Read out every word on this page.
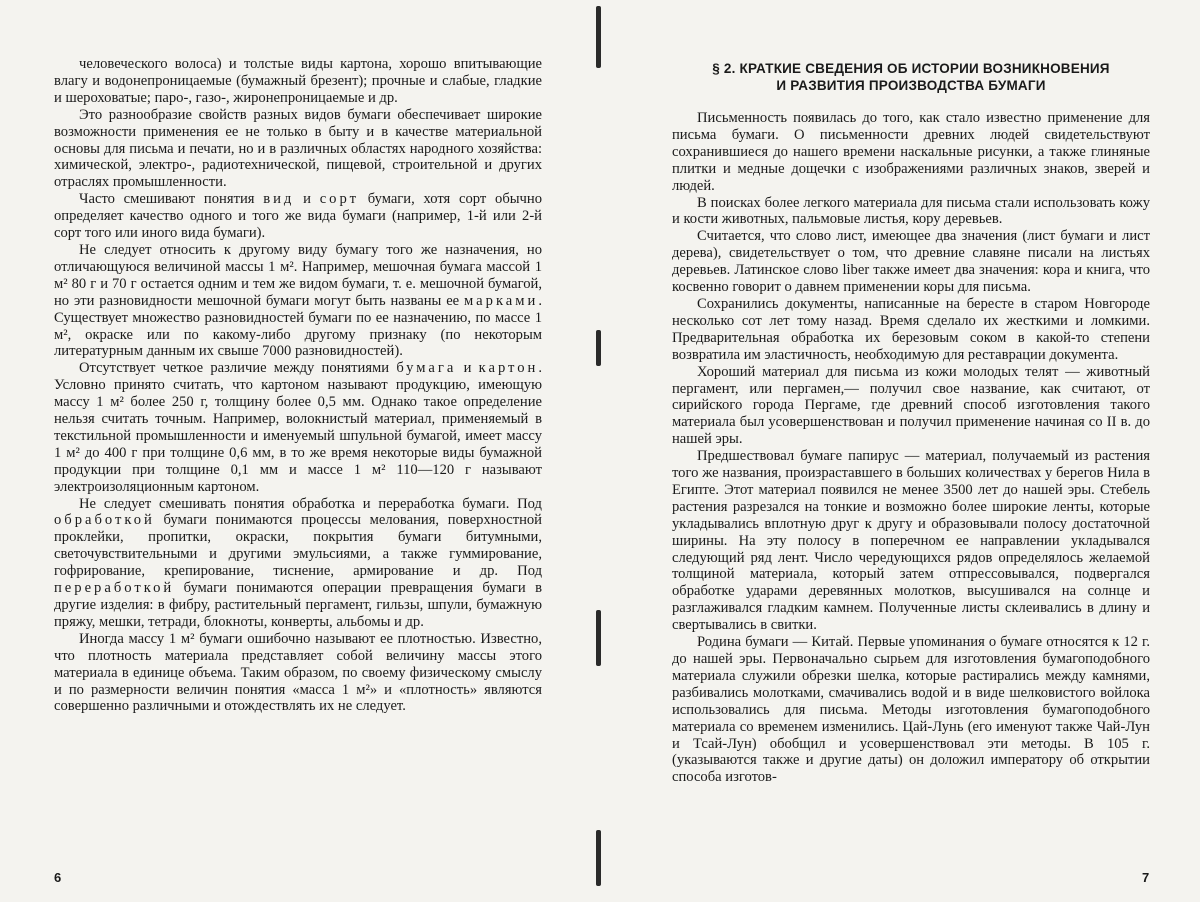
человеческого волоса) и толстые виды картона, хорошо впитывающие влагу и водонепроницаемые (бумажный брезент); прочные и слабые, гладкие и шероховатые; паро-, газо-, жиронепроницаемые и др.

Это разнообразие свойств разных видов бумаги обеспечивает широкие возможности применения ее не только в быту и в качестве материальной основы для письма и печати, но и в различных областях народного хозяйства: химической, электро-, радиотехнической, пищевой, строительной и других отраслях промышленности.

Часто смешивают понятия вид и сорт бумаги, хотя сорт обычно определяет качество одного и того же вида бумаги (например, 1-й или 2-й сорт того или иного вида бумаги).

Не следует относить к другому виду бумагу того же назначения, но отличающуюся величиной массы 1 м². Например, мешочная бумага массой 1 м² 80 г и 70 г остается одним и тем же видом бумаги, т. е. мешочной бумагой, но эти разновидности мешочной бумаги могут быть названы ее марками. Существует множество разновидностей бумаги по ее назначению, по массе 1 м², окраске или по какому-либо другому признаку (по некоторым литературным данным их свыше 7000 разновидностей).

Отсутствует четкое различие между понятиями бумага и картон. Условно принято считать, что картоном называют продукцию, имеющую массу 1 м² более 250 г, толщину более 0,5 мм. Однако такое определение нельзя считать точным. Например, волокнистый материал, применяемый в текстильной промышленности и именуемый шпульной бумагой, имеет массу 1 м² до 400 г при толщине 0,6 мм, в то же время некоторые виды бумажной продукции при толщине 0,1 мм и массе 1 м² 110—120 г называют электроизоляционным картоном.

Не следует смешивать понятия обработка и переработка бумаги. Под обработкой бумаги понимаются процессы мелования, поверхностной проклейки, пропитки, окраски, покрытия бумаги битумными, светочувствительными и другими эмульсиями, а также гуммирование, гофрирование, крепирование, тиснение, армирование и др. Под переработкой бумаги понимаются операции превращения бумаги в другие изделия: в фибру, растительный пергамент, гильзы, шпули, бумажную пряжу, мешки, тетради, блокноты, конверты, альбомы и др.

Иногда массу 1 м² бумаги ошибочно называют ее плотностью. Известно, что плотность материала представляет собой величину массы этого материала в единице объема. Таким образом, по своему физическому смыслу и по размерности величин понятия «масса 1 м²» и «плотность» являются совершенно различными и отождествлять их не следует.

§ 2. КРАТКИЕ СВЕДЕНИЯ ОБ ИСТОРИИ ВОЗНИКНОВЕНИЯ
И РАЗВИТИЯ ПРОИЗВОДСТВА БУМАГИ

Письменность появилась до того, как стало известно применение для письма бумаги. О письменности древних людей свидетельствуют сохранившиеся до нашего времени наскальные рисунки, а также глиняные плитки и медные дощечки с изображениями различных знаков, зверей и людей.

В поисках более легкого материала для письма стали использовать кожу и кости животных, пальмовые листья, кору деревьев.

Считается, что слово лист, имеющее два значения (лист бумаги и лист дерева), свидетельствует о том, что древние славяне писали на листьях деревьев. Латинское слово liber также имеет два значения: кора и книга, что косвенно говорит о давнем применении коры для письма.

Сохранились документы, написанные на бересте в старом Новгороде несколько сот лет тому назад. Время сделало их жесткими и ломкими. Предварительная обработка их березовым соком в какой-то степени возвратила им эластичность, необходимую для реставрации документа.

Хороший материал для письма из кожи молодых телят — животный пергамент, или пергамен,— получил свое название, как считают, от сирийского города Пергаме, где древний способ изготовления такого материала был усовершенствован и получил применение начиная со II в. до нашей эры.

Предшествовал бумаге папирус — материал, получаемый из растения того же названия, произраставшего в больших количествах у берегов Нила в Египте. Этот материал появился не менее 3500 лет до нашей эры. Стебель растения разрезался на тонкие и возможно более широкие ленты, которые укладывались вплотную друг к другу и образовывали полосу достаточной ширины. На эту полосу в поперечном ее направлении укладывался следующий ряд лент. Число чередующихся рядов определялось желаемой толщиной материала, который затем отпрессовывался, подвергался обработке ударами деревянных молотков, высушивался на солнце и разглаживался гладким камнем. Полученные листы склеивались в длину и свертывались в свитки.

Родина бумаги — Китай. Первые упоминания о бумаге относятся к 12 г. до нашей эры. Первоначально сырьем для изготовления бумагоподобного материала служили обрезки шелка, которые растирались между камнями, разбивались молотками, смачивались водой и в виде шелковистого войлока использовались для письма. Методы изготовления бумагоподобного материала со временем изменились. Цай-Лунь (его именуют также Чай-Лун и Тсай-Лун) обобщил и усовершенствовал эти методы. В 105 г. (указываются также и другие даты) он доложил императору об открытии способа изготов-

6	7
